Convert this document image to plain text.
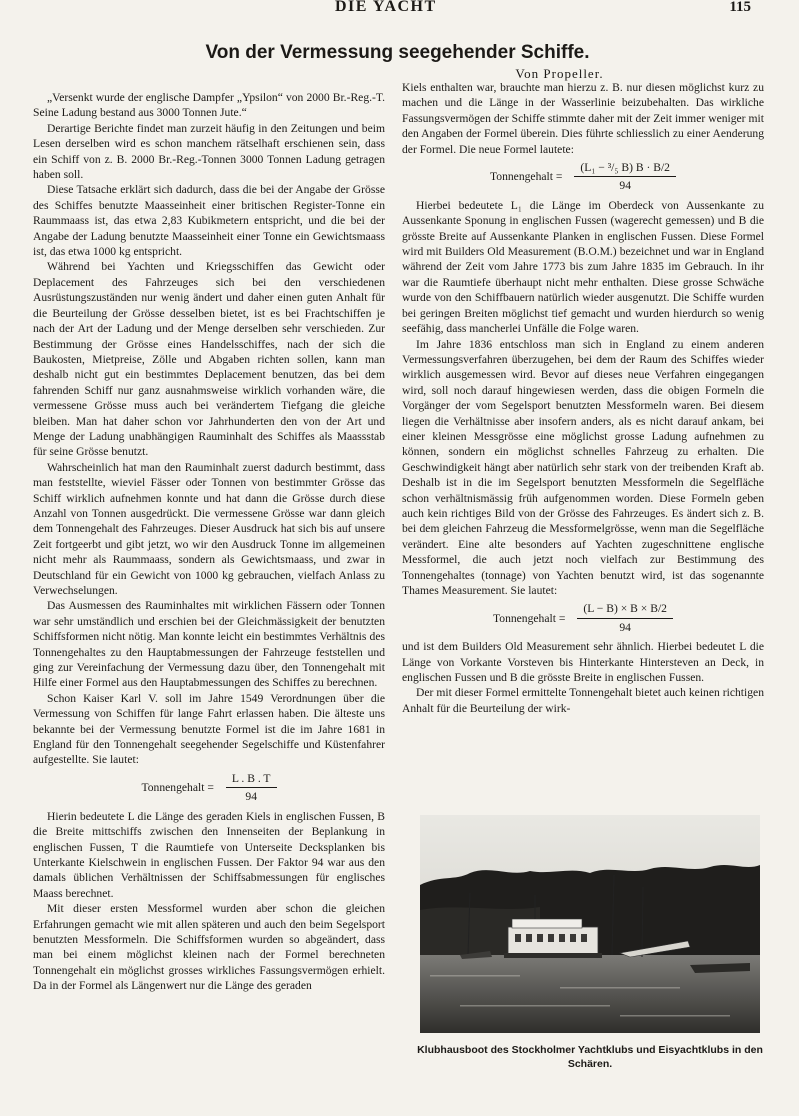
DIE YACHT	115
Von der Vermessung seegehender Schiffe.
Von Propeller.

„Versenkt wurde der englische Dampfer „Ypsilon“ von 2000 Br.-Reg.-T. Seine Ladung bestand aus 3000 Tonnen Jute.“

Derartige Berichte findet man zurzeit häufig in den Zeitungen und beim Lesen derselben wird es schon manchem rätselhaft erschienen sein, dass ein Schiff von z. B. 2000 Br.-Reg.-Tonnen 3000 Tonnen Ladung getragen haben soll.

Diese Tatsache erklärt sich dadurch, dass die bei der Angabe der Grösse des Schiffes benutzte Maasseinheit einer britischen Register-Tonne ein Raummaass ist, das etwa 2,83 Kubikmetern entspricht, und die bei der Angabe der Ladung benutzte Maasseinheit einer Tonne ein Gewichtsmaass ist, das etwa 1000 kg entspricht.

Während bei Yachten und Kriegsschiffen das Gewicht oder Deplacement des Fahrzeuges sich bei den verschiedenen Ausrüstungszuständen nur wenig ändert und daher einen guten Anhalt für die Beurteilung der Grösse desselben bietet, ist es bei Frachtschiffen je nach der Art der Ladung und der Menge derselben sehr verschieden. Zur Bestimmung der Grösse eines Handelsschiffes, nach der sich die Baukosten, Mietpreise, Zölle und Abgaben richten sollen, kann man deshalb nicht gut ein bestimmtes Deplacement benutzen, das bei dem fahrenden Schiff nur ganz ausnahmsweise wirklich vorhanden wäre, die vermessene Grösse muss auch bei verändertem Tiefgang die gleiche bleiben. Man hat daher schon vor Jahrhunderten den von der Art und Menge der Ladung unabhängigen Rauminhalt des Schiffes als Maassstab für seine Grösse benutzt.

Wahrscheinlich hat man den Rauminhalt zuerst dadurch bestimmt, dass man feststellte, wieviel Fässer oder Tonnen von bestimmter Grösse das Schiff wirklich aufnehmen konnte und hat dann die Grösse durch diese Anzahl von Tonnen ausgedrückt. Die vermessene Grösse war dann gleich dem Tonnengehalt des Fahrzeuges. Dieser Ausdruck hat sich bis auf unsere Zeit fortgeerbt und gibt jetzt, wo wir den Ausdruck Tonne im allgemeinen nicht mehr als Raummaass, sondern als Gewichtsmaass, und zwar in Deutschland für ein Gewicht von 1000 kg gebrauchen, vielfach Anlass zu Verwechselungen.

Das Ausmessen des Rauminhaltes mit wirklichen Fässern oder Tonnen war sehr umständlich und erschien bei der Gleichmässigkeit der benutzten Schiffsformen nicht nötig. Man konnte leicht ein bestimmtes Verhältnis des Tonnengehaltes zu den Hauptabmessungen der Fahrzeuge feststellen und ging zur Vereinfachung der Vermessung dazu über, den Tonnengehalt mit Hilfe einer Formel aus den Hauptabmessungen des Schiffes zu berechnen.

Schon Kaiser Karl V. soll im Jahre 1549 Verordnungen über die Vermessung von Schiffen für lange Fahrt erlassen haben. Die älteste uns bekannte bei der Vermessung benutzte Formel ist die im Jahre 1681 in England für den Tonnengehalt seegehender Segelschiffe und Küstenfahrer aufgestellte. Sie lautet:

Tonnengehalt = $\frac{L . B . T}{94}$

Hierin bedeutete L die Länge des geraden Kiels in englischen Fussen, B die Breite mittschiffs zwischen den Innenseiten der Beplankung in englischen Fussen, T die Raumtiefe von Unterseite Decksplanken bis Unterkante Kielschwein in englischen Fussen. Der Faktor 94 war aus den damals üblichen Verhältnissen der Schiffsabmessungen für englisches Maass berechnet.

Mit dieser ersten Messformel wurden aber schon die gleichen Erfahrungen gemacht wie mit allen späteren und auch den beim Segelsport benutzten Messformeln. Die Schiffsformen wurden so abgeändert, dass man bei einem möglichst kleinen nach der Formel berechneten Tonnengehalt ein möglichst grosses wirkliches Fassungsvermögen erhielt. Da in der Formel als Längenwert nur die Länge des geraden

Kiels enthalten war, brauchte man hierzu z. B. nur diesen möglichst kurz zu machen und die Länge in der Wasserlinie beizubehalten. Das wirkliche Fassungsvermögen der Schiffe stimmte daher mit der Zeit immer weniger mit den Angaben der Formel überein. Dies führte schliesslich zu einer Aenderung der Formel. Die neue Formel lautete:

Tonnengehalt = $\frac{\text{(L₁ − ³/₅ B) B · B/2}}{94}$

Hierbei bedeutete L₁ die Länge im Oberdeck von Aussenkante zu Aussenkante Sponung in englischen Fussen (wagerecht gemessen) und B die grösste Breite auf Aussenkante Planken in englischen Fussen. Diese Formel wird mit Builders Old Measurement (B.O.M.) bezeichnet und war in England während der Zeit vom Jahre 1773 bis zum Jahre 1835 im Gebrauch. In ihr war die Raumtiefe überhaupt nicht mehr enthalten. Diese grosse Schwäche wurde von den Schiffbauern natürlich wieder ausgenutzt. Die Schiffe wurden bei geringen Breiten möglichst tief gemacht und wurden hierdurch so wenig seefähig, dass mancherlei Unfälle die Folge waren.

Im Jahre 1836 entschloss man sich in England zu einem anderen Vermessungsverfahren überzugehen, bei dem der Raum des Schiffes wieder wirklich ausgemessen wird. Bevor auf dieses neue Verfahren eingegangen wird, soll noch darauf hingewiesen werden, dass die obigen Formeln die Vorgänger der vom Segelsport benutzten Messformeln waren. Bei diesem liegen die Verhältnisse aber insofern anders, als es nicht darauf ankam, bei einer kleinen Messgrösse eine möglichst grosse Ladung aufnehmen zu können, sondern ein möglichst schnelles Fahrzeug zu erhalten. Die Geschwindigkeit hängt aber natürlich sehr stark von der treibenden Kraft ab. Deshalb ist in die im Segelsport benutzten Messformeln die Segelfläche schon verhältnismässig früh aufgenommen worden. Diese Formeln geben auch kein richtiges Bild von der Grösse des Fahrzeuges. Es ändert sich z. B. bei dem gleichen Fahrzeug die Messformelgrösse, wenn man die Segelfläche verändert. Eine alte besonders auf Yachten zugeschnittene englische Messformel, die auch jetzt noch vielfach zur Bestimmung des Tonnengehaltes (tonnage) von Yachten benutzt wird, ist das sogenannte Thames Measurement. Sie lautet:

Tonnengehalt = $\frac{(L - B) \times B \times B/2}{94}$

und ist dem Builders Old Measurement sehr ähnlich. Hierbei bedeutet L die Länge von Vorkante Vorsteven bis Hinterkante Hintersteven an Deck, in englischen Fussen und B die grösste Breite in englischen Fussen.

Der mit dieser Formel ermittelte Tonnengehalt bietet auch keinen richtigen Anhalt für die Beurteilung der wirk-

Klubhausboot des Stockholmer Yachtklubs und Eisyachtklubs in den Schären.
